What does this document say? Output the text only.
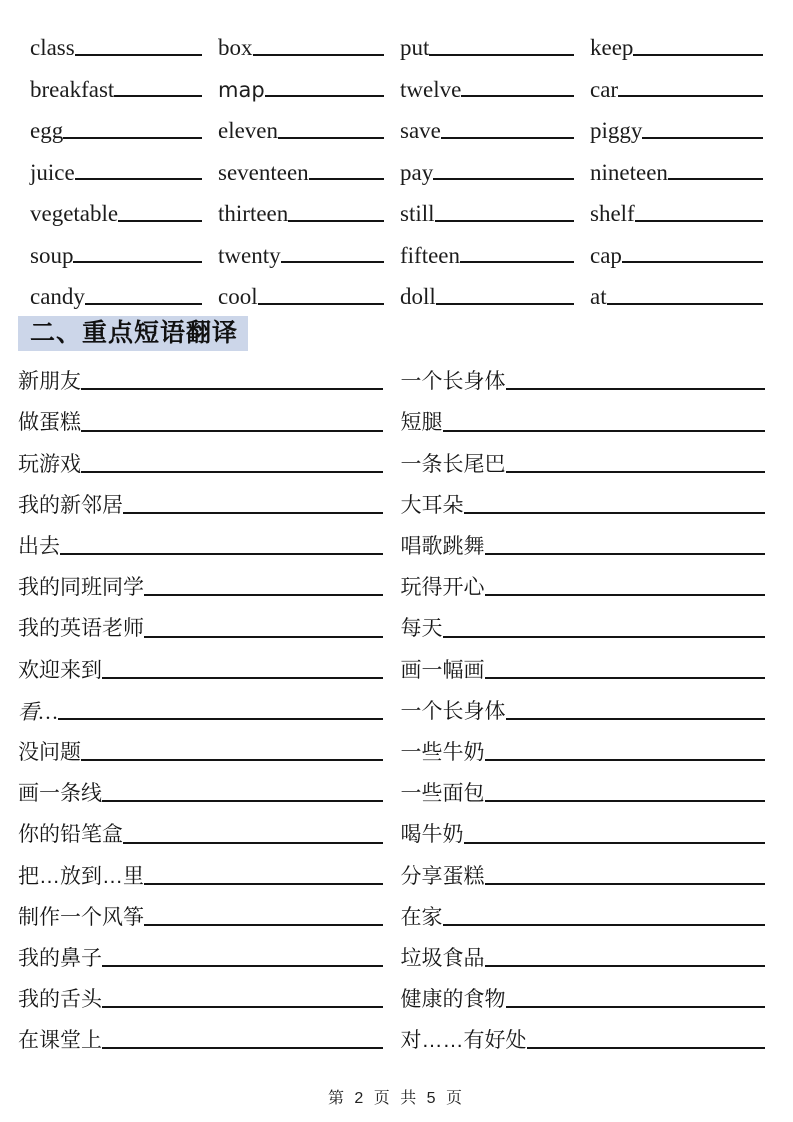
class	box	put	keep
breakfast	map	twelve	car
egg	eleven	save	piggy
juice	seventeen	pay	nineteen
vegetable	thirteen	still	shelf
soup	twenty	fifteen	cap
candy	cool	doll	at
二、重点短语翻译
新朋友	一个长身体
做蛋糕	短腿
玩游戏	一条长尾巴
我的新邻居	大耳朵
出去	唱歌跳舞
我的同班同学	玩得开心
我的英语老师	每天
欢迎来到	画一幅画
看…	一个长身体
没问题	一些牛奶
画一条线	一些面包
你的铅笔盒	喝牛奶
把…放到…里	分享蛋糕
制作一个风筝	在家
我的鼻子	垃圾食品
我的舌头	健康的食物
在课堂上	对……有好处
第 2 页 共 5 页
